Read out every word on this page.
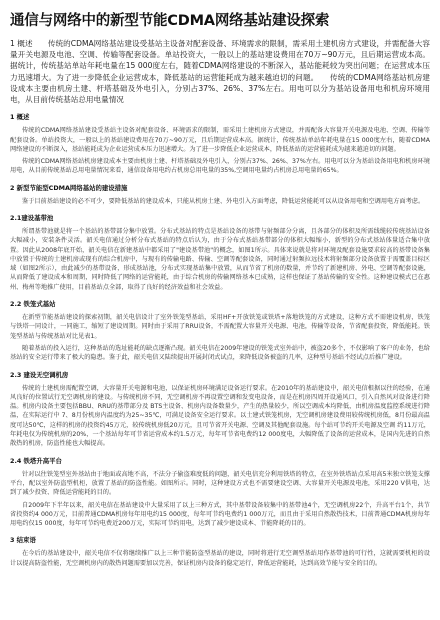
通信与网络中的新型节能CDMA网络基站建设探索

1 概述　　传统的CDMA网络基站建设受基站主设备对配套设备、环境需求的限制，需采用土建机房方式建设，并需配备大容量开关电源及电池、空调、传输等配套设备。单站投资大，一般以上的基站建设费用在70万~90万元，且后期运营成本高。据统计，传统基站单站年耗电量在15 000度左右，随着CDMA网络建设的不断深入，基站能耗较为突出问题；在运营成本压力迅速增大。为了进一步降低企业运营成本，降低基站的运营能耗成为越来越迫切的问题。　　传统的CDMA网络基站机房建设成本主要由机房土建、杆塔基础及外电引入，分别占37%、26%、37%左右。用电可以分为基站设备用电和机房环境用电，从目前传统基站总用电量情况

1 概述

传统的CDMA网络基站建设受基站主设备对配套设备、环境需求的限制，需采用土建机房方式建设，并需配备大容量开关电源及电池、空调、传输等配套设备。单站投资大，一般以上的基站建设费用在70万~90万元，且后期运营成本高。据统计，传统基站单站年耗电量在15 000度左右，随着CDMA网络建设的不断深入，基站能耗成为企业运营成本压力迅速增大。为了进一步降低企业运营成本，降低基站的运营能耗成为越来越迫切的问题。

传统的CDMA网络基站机房建设成本主要由机房土建、杆塔基础及外电引入，分别占37%、26%、37%左右。用电可以分为基站设备用电和机房环境用电，从目前传统基站总用电量情况来看，通信设备用电约占机房总用电量的35%,空调用电量约占机房总用电量的65%。

2 新型节能型CDMA网络基站的建设措施

鉴于目前基站建设的必不可少，要降低基站的建设成本，只能从机房土建、外电引入方面考虑，降低运营能耗可以从设备用电和空调用电方面考虑。

2.1建设基带池

所谓基带池就是将一个基站的基带部分集中放置。分布式基站的特点是基站设备的基带与射频部分分离，且各部分的体积及所需线缆较传统基站设备大幅减小，安装条件灵活。韶关电信通过分析分布式基站的特点后认为，由于分布式基站基带部分的体积大幅缩小，新型的分布式基站体量适合集中放置。因此从2008年底开始，韶关电信在新建基站中都采用了"建设基带池"的概念，如图1所示。具体来说就是将对环境及配套设施要求较高的基带设备集中放置于传统的土建机房或现有的综合机房中，与现有的传输电路、传输、空调等配套设备，同时通过射频拉远技术将射频部分设备放置于需覆盖目标区域（如图2所示），由此减少的基带设备，形成基站池，分布式实现基站集中放置，从而节省了机房的数量，并节约了新建机房、外电、空调等配套设施，从而降低了建设成本和周期，同时降低了网络的运营能耗，由于综合机房的传输网络基本已成熟，这样也保证了基站传输的安全性。这种建设模式已在惠州、梅州等地推广使用，目前基站点全部，取得了良好的经济效益和社会效益。

2.2 铁笼式基站

在新型节能基站建设的探索初期，韶关电信设计了室外铁笼型基站，采用HF+开放铁笼或铁塔+落地铁笼的方式建设，这种方式不需建设机房，铁笼与铁塔一同设计，一同施工，缩短了建设周期。同时由于采用了RRU设备，不需配置大容量开关电源、电池，传输等设备，节省配套投资，降低能耗。铁笼型基站与传统基站对比见表1。

随着基站的投入运行，这种基站的选址能耗的缺点逐渐凸现。韶关电信在2009年建设的铁笼式室外站中，被盗20多个，不仅影响了客户的业务，也给基站的安全运行带来了极大的隐患。鉴于此，韶关电信又陆续提出开展封闭式试点，来降低设备被盗的几率，这种型号基站不经试点后推广建设。

2.3 建设无空调机房

传统的土建机房需配置空调，大容量开关电源和电池，以保证机房环境满足设备运行要求。在2010年的基站建设中，韶关电信根据以往的经验，在通风良好的位置试行无空调机房的建设。与传统机房不同，无空调机房不再设置空调和发变电设备，而是在机房四周开设通风口，引入自然风对设备进行降温。机房内设备主要包括BBU、RRU的基带部分及 BTS主设备、机房内设备数量少，产生的热量较少，所以空调成本均降低，由机房温度监控系统进行降温，在实际运行中 7、8月份机房内温度约为25~35℃，可满足设备安全运行要求。以土建式铁笼机房，无空调机房建设费用较传统机房低，8月份最高温度可达50℃，这样的机房的投资约45万元，较传统机房低20万元，且可节省开关电源、空调及其他配套设施。每个站可节约开关电源及空调 约11万元，年耗电仅为传统机房的20%，一个基站每年可节省运营成本约1.5万元，每年可节省电费约12 000度电，大幅降低了设备的运营成本，是国内先进的自然散热的机房，防盗性能也大幅提高。

2.4 铁塔升高平台

针对以往铁笼型室外基站由于地面或高地不高，不法分子偷盗难度低的问题，韶关电信充分利用铁塔的特点，在室外铁塔站点采用高5米独立铁笼支撑平台，配以室外防盗型机柜，放置了基站的防盗性能。如图所示。同时，这种建设方式也不需要建设空调、大容量开关电源及电池，采用220 V供电，达到了减少投资、降低运营能耗的目的。

自2009年下半年以来，韶关电信在基站建设中大量采用了以上三种方式，其中基带设备较集中的基带池4个，无空调机房22个，升高平台1个，共节省投资约4 000万元，目前普通CDMA机房每年用电约15 000度，每年可节约电费约1 000万元，而且由于采用自然散热技术，目前普通CDMA机房每年用电约仅15 000度，每年可节约电费近200万元，实际可节约用电，达到了减少建设成本、节能降耗的目的。

3 结束语

在今后的基站建设中，韶关电信不仅将继续推广以上三种节能防盗型基站的建设，同时将进行无空调型基站用作基带池的可行性，这就需要机柜的设计以提高防盗性能，无空调机房内的散热问题需要加以完善，保证机房内设备的稳定运行，降低运营能耗，达到高效节能与安全的目的。
